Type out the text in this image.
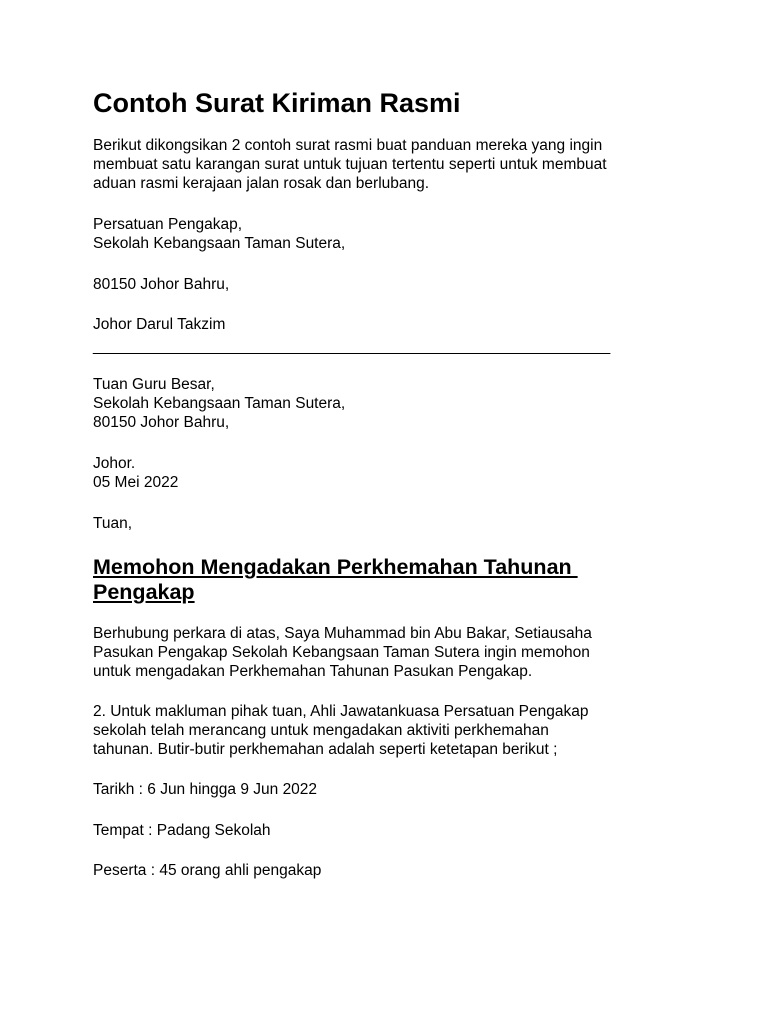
Contoh Surat Kiriman Rasmi
Berikut dikongsikan 2 contoh surat rasmi buat panduan mereka yang ingin
membuat satu karangan surat untuk tujuan tertentu seperti untuk membuat
aduan rasmi kerajaan jalan rosak dan berlubang.
Persatuan Pengakap,
Sekolah Kebangsaan Taman Sutera,
80150 Johor Bahru,
Johor Darul Takzim
____________________________________________________________
Tuan Guru Besar,
Sekolah Kebangsaan Taman Sutera,
80150 Johor Bahru,
Johor.
05 Mei 2022
Tuan,
Memohon Mengadakan Perkhemahan Tahunan
Pengakap
Berhubung perkara di atas, Saya Muhammad bin Abu Bakar, Setiausaha
Pasukan Pengakap Sekolah Kebangsaan Taman Sutera ingin memohon
untuk mengadakan Perkhemahan Tahunan Pasukan Pengakap.
2. Untuk makluman pihak tuan, Ahli Jawatankuasa Persatuan Pengakap
sekolah telah merancang untuk mengadakan aktiviti perkhemahan
tahunan. Butir-butir perkhemahan adalah seperti ketetapan berikut ;
Tarikh : 6 Jun hingga 9 Jun 2022
Tempat : Padang Sekolah
Peserta : 45 orang ahli pengakap
